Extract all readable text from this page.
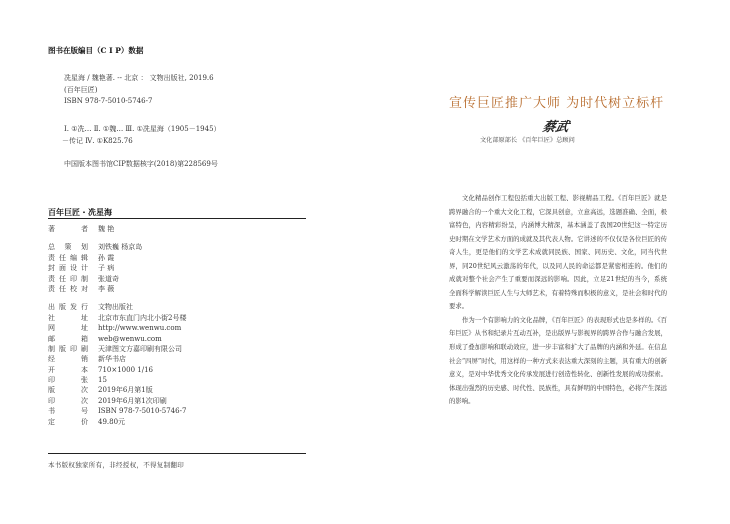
图书在版编目（C I P）数据
冼星海 / 魏艳著. -- 北京 ： 文物出版社, 2019.6
(百年巨匠)
ISBN 978-7-5010-5746-7
Ⅰ. ①冼… Ⅱ. ①魏… Ⅲ. ①冼星海（1905－1945）
－传记 Ⅳ. ①K825.76
中国版本图书馆CIP数据核字(2018)第228569号
百年巨匠・冼星海
著者 魏 艳
总策划 刘铁巍 杨京岛
责任编辑 孙 霞
封面设计 子 病
责任印制 张道奇
责任校对 李 薇
出版发行 文物出版社
社址 北京市东直门内北小街2号楼
网址 http://www.wenwu.com
邮箱 web@wenwu.com
制版印刷 天津图文方嘉印刷有限公司
经销 新华书店
开本 710×1000 1/16
印张 15
版次 2019年6月第1版
印次 2019年6月第1次印刷
书号 ISBN 978-7-5010-5746-7
定价 49.80元
本书版权独家所有，非经授权，不得复制翻印
宣传巨匠推广大师 为时代树立标杆
蔡武
文化部原部长 《百年巨匠》总顾问

文化精品创作工程包括重大出版工程、影视精品工程。《百年巨匠》就是跨界融合的一个重大文化工程，它深具创意，立意高远，选题准确、全面，极富特色，内容精彩纷呈，内涵博大精深，基本涵盖了我国20世纪这一特定历史时期在文学艺术方面的成就及其代表人物。它讲述的不仅仅是各位巨匠的传奇人生，更是他们的文学艺术成就同民族、国家、同历史、文化，同当代世界，同20世纪风云激荡的年代，以及同人民的命运都是紧密相连的。他们的成就对整个社会产生了重要而深远的影响。因此，立足21世纪的当今，系统全面科学解读巨匠人生与大师艺术，有着特殊而积极的意义，是社会和时代的要求。

作为一个有影响力的文化品牌，《百年巨匠》的表现形式也是多样的。《百年巨匠》从书和纪录片互动互补，是出版界与影视界的跨界合作与融合发展，形成了叠加影响和联动效应，进一步丰富和扩大了品牌的内涵和外延。在信息社会“四屏”时代，用这样的一种方式来表达重大深刻的主题，具有重大的创新意义，是对中华优秀文化传承发展进行创造性转化、创新性发展的成功探索。体现出强烈的历史感、时代性、民族性，具有鲜明的中国特色，必将产生深远的影响。
